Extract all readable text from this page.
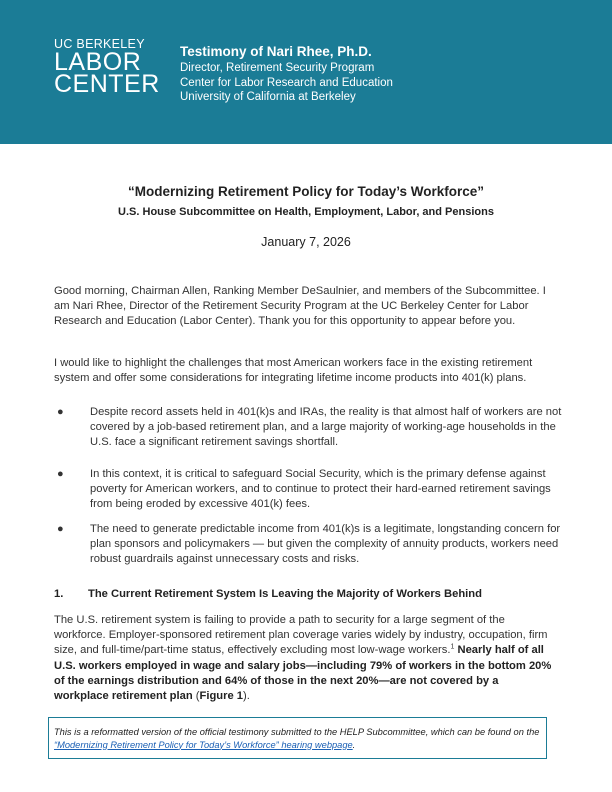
UC BERKELEY
LABOR
CENTER
Testimony of Nari Rhee, Ph.D.
Director, Retirement Security Program
Center for Labor Research and Education
University of California at Berkeley
“Modernizing Retirement Policy for Today’s Workforce”
U.S. House Subcommittee on Health, Employment, Labor, and Pensions
January 7, 2026
Good morning, Chairman Allen, Ranking Member DeSaulnier, and members of the Subcommittee. I am Nari Rhee, Director of the Retirement Security Program at the UC Berkeley Center for Labor Research and Education (Labor Center). Thank you for this opportunity to appear before you.
I would like to highlight the challenges that most American workers face in the existing retirement system and offer some considerations for integrating lifetime income products into 401(k) plans.
● Despite record assets held in 401(k)s and IRAs, the reality is that almost half of workers are not covered by a job-based retirement plan, and a large majority of working-age households in the U.S. face a significant retirement savings shortfall.
● In this context, it is critical to safeguard Social Security, which is the primary defense against poverty for American workers, and to continue to protect their hard-earned retirement savings from being eroded by excessive 401(k) fees.
● The need to generate predictable income from 401(k)s is a legitimate, longstanding concern for plan sponsors and policymakers — but given the complexity of annuity products, workers need robust guardrails against unnecessary costs and risks.
1. The Current Retirement System Is Leaving the Majority of Workers Behind
The U.S. retirement system is failing to provide a path to security for a large segment of the workforce. Employer-sponsored retirement plan coverage varies widely by industry, occupation, firm size, and full-time/part-time status, effectively excluding most low-wage workers.$^1$ Nearly half of all U.S. workers employed in wage and salary jobs—including 79% of workers in the bottom 20% of the earnings distribution and 64% of those in the next 20%—are not covered by a workplace retirement plan (Figure 1).
This is a reformatted version of the official testimony submitted to the HELP Subcommittee, which can be found on the “Modernizing Retirement Policy for Today’s Workforce” hearing webpage.
